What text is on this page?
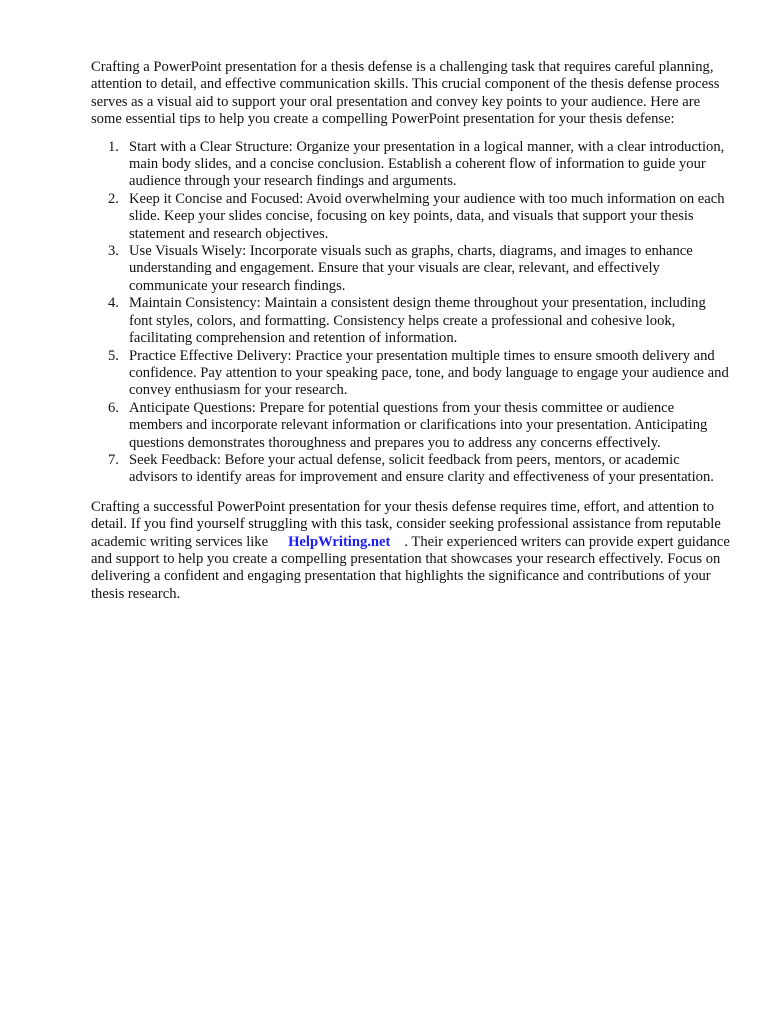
Crafting a PowerPoint presentation for a thesis defense is a challenging task that requires careful planning, attention to detail, and effective communication skills. This crucial component of the thesis defense process serves as a visual aid to support your oral presentation and convey key points to your audience. Here are some essential tips to help you create a compelling PowerPoint presentation for your thesis defense:

1. Start with a Clear Structure: Organize your presentation in a logical manner, with a clear introduction, main body slides, and a concise conclusion. Establish a coherent flow of information to guide your audience through your research findings and arguments.
2. Keep it Concise and Focused: Avoid overwhelming your audience with too much information on each slide. Keep your slides concise, focusing on key points, data, and visuals that support your thesis statement and research objectives.
3. Use Visuals Wisely: Incorporate visuals such as graphs, charts, diagrams, and images to enhance understanding and engagement. Ensure that your visuals are clear, relevant, and effectively communicate your research findings.
4. Maintain Consistency: Maintain a consistent design theme throughout your presentation, including font styles, colors, and formatting. Consistency helps create a professional and cohesive look, facilitating comprehension and retention of information.
5. Practice Effective Delivery: Practice your presentation multiple times to ensure smooth delivery and confidence. Pay attention to your speaking pace, tone, and body language to engage your audience and convey enthusiasm for your research.
6. Anticipate Questions: Prepare for potential questions from your thesis committee or audience members and incorporate relevant information or clarifications into your presentation. Anticipating questions demonstrates thoroughness and prepares you to address any concerns effectively.
7. Seek Feedback: Before your actual defense, solicit feedback from peers, mentors, or academic advisors to identify areas for improvement and ensure clarity and effectiveness of your presentation.

Crafting a successful PowerPoint presentation for your thesis defense requires time, effort, and attention to detail. If you find yourself struggling with this task, consider seeking professional assistance from reputable academic writing services like HelpWriting.net . Their experienced writers can provide expert guidance and support to help you create a compelling presentation that showcases your research effectively. Focus on delivering a confident and engaging presentation that highlights the significance and contributions of your thesis research.
